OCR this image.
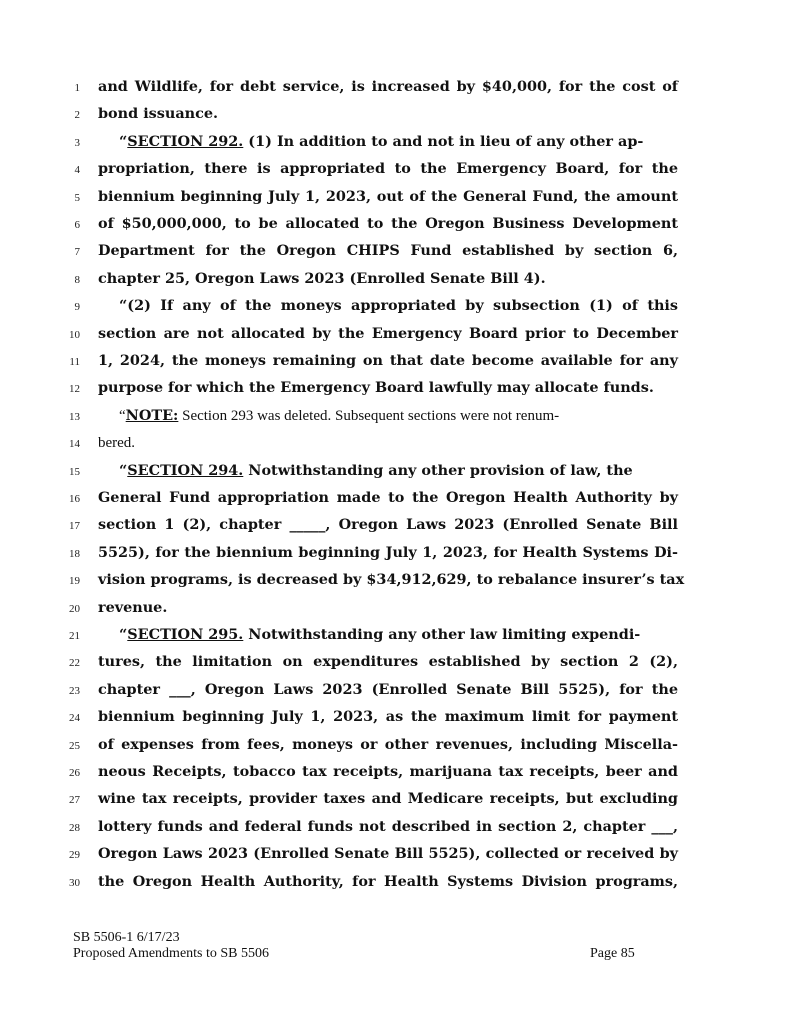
1 and Wildlife, for debt service, is increased by $40,000, for the cost of
2 bond issuance.
3	“SECTION 292. (1) In addition to and not in lieu of any other ap-
4 propriation, there is appropriated to the Emergency Board, for the
5 biennium beginning July 1, 2023, out of the General Fund, the amount
6 of $50,000,000, to be allocated to the Oregon Business Development
7 Department for the Oregon CHIPS Fund established by section 6,
8 chapter 25, Oregon Laws 2023 (Enrolled Senate Bill 4).
9	“(2) If any of the moneys appropriated by subsection (1) of this
10 section are not allocated by the Emergency Board prior to December
11 1, 2024, the moneys remaining on that date become available for any
12 purpose for which the Emergency Board lawfully may allocate funds.
13	“NOTE: Section 293 was deleted. Subsequent sections were not renum-
14 bered.
15	“SECTION 294. Notwithstanding any other provision of law, the
16 General Fund appropriation made to the Oregon Health Authority by
17 section 1 (2), chapter _____, Oregon Laws 2023 (Enrolled Senate Bill
18 5525), for the biennium beginning July 1, 2023, for Health Systems Di-
19 vision programs, is decreased by $34,912,629, to rebalance insurer’s tax
20 revenue.
21	“SECTION 295. Notwithstanding any other law limiting expendi-
22 tures, the limitation on expenditures established by section 2 (2),
23 chapter ___, Oregon Laws 2023 (Enrolled Senate Bill 5525), for the
24 biennium beginning July 1, 2023, as the maximum limit for payment
25 of expenses from fees, moneys or other revenues, including Miscella-
26 neous Receipts, tobacco tax receipts, marijuana tax receipts, beer and
27 wine tax receipts, provider taxes and Medicare receipts, but excluding
28 lottery funds and federal funds not described in section 2, chapter ___,
29 Oregon Laws 2023 (Enrolled Senate Bill 5525), collected or received by
30 the Oregon Health Authority, for Health Systems Division programs,
SB 5506-1 6/17/23
Proposed Amendments to SB 5506	Page 85
